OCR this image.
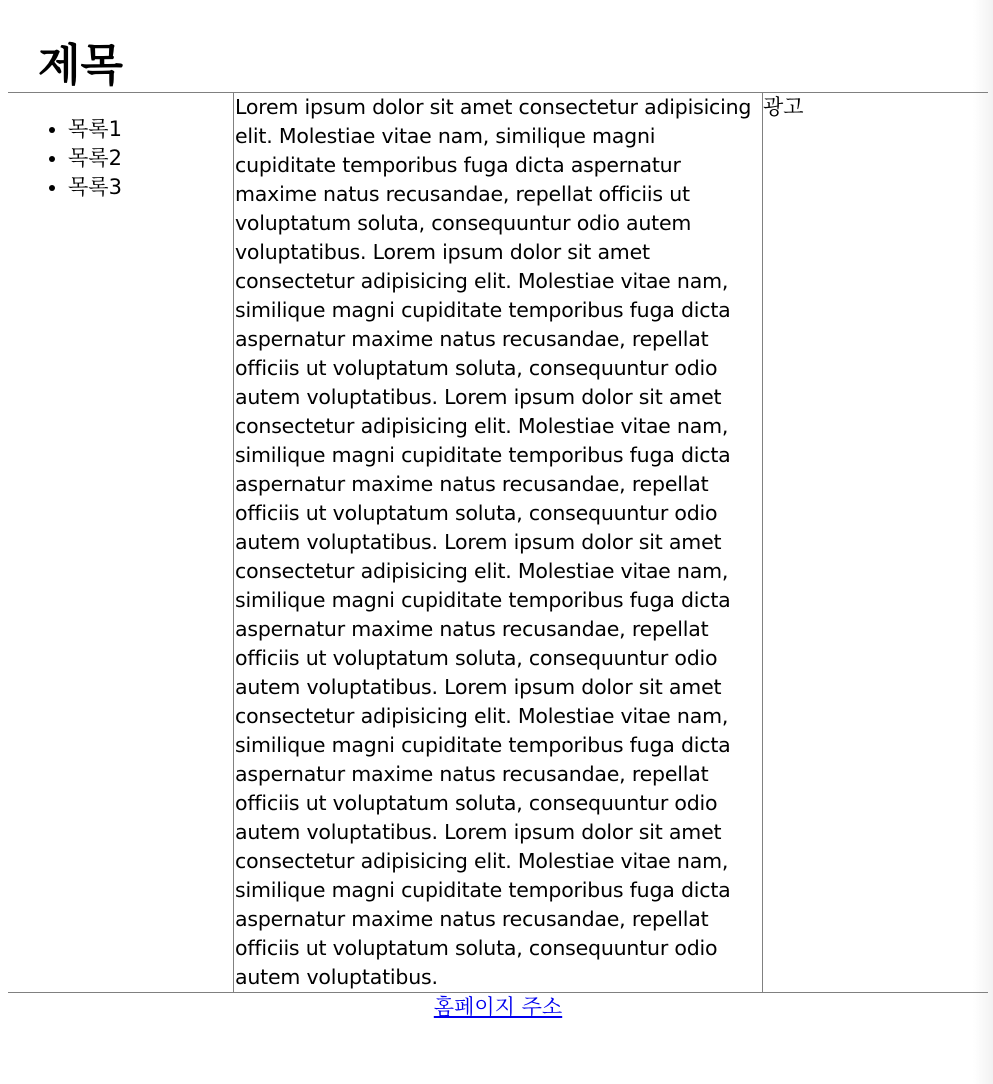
제목
• 목록1
• 목록2
• 목록3

Lorem ipsum dolor sit amet consectetur adipisicing elit. Molestiae vitae nam, similique magni cupiditate temporibus fuga dicta aspernatur maxime natus recusandae, repellat officiis ut voluptatum soluta, consequuntur odio autem voluptatibus. Lorem ipsum dolor sit amet consectetur adipisicing elit. Molestiae vitae nam, similique magni cupiditate temporibus fuga dicta aspernatur maxime natus recusandae, repellat officiis ut voluptatum soluta, consequuntur odio autem voluptatibus. Lorem ipsum dolor sit amet consectetur adipisicing elit. Molestiae vitae nam, similique magni cupiditate temporibus fuga dicta aspernatur maxime natus recusandae, repellat officiis ut voluptatum soluta, consequuntur odio autem voluptatibus. Lorem ipsum dolor sit amet consectetur adipisicing elit. Molestiae vitae nam, similique magni cupiditate temporibus fuga dicta aspernatur maxime natus recusandae, repellat officiis ut voluptatum soluta, consequuntur odio autem voluptatibus. Lorem ipsum dolor sit amet consectetur adipisicing elit. Molestiae vitae nam, similique magni cupiditate temporibus fuga dicta aspernatur maxime natus recusandae, repellat officiis ut voluptatum soluta, consequuntur odio autem voluptatibus. Lorem ipsum dolor sit amet consectetur adipisicing elit. Molestiae vitae nam, similique magni cupiditate temporibus fuga dicta aspernatur maxime natus recusandae, repellat officiis ut voluptatum soluta, consequuntur odio autem voluptatibus.

광고

홈페이지 주소
